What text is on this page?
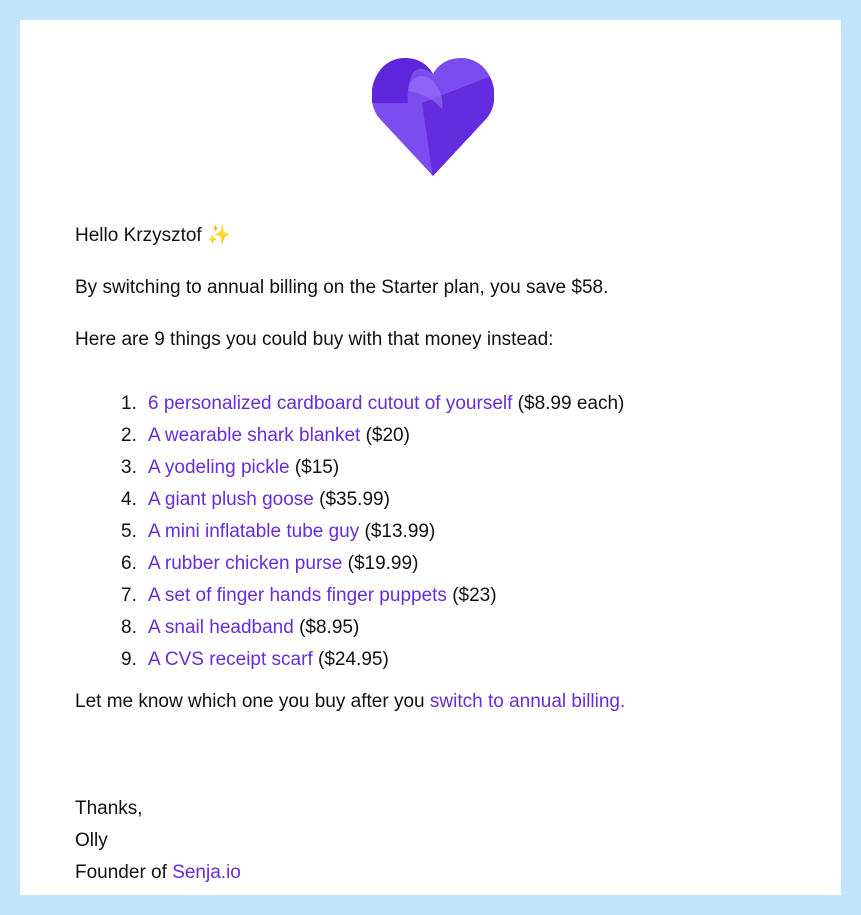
Hello Krzysztof ✨
By switching to annual billing on the Starter plan, you save $58.
Here are 9 things you could buy with that money instead:
1. 6 personalized cardboard cutout of yourself ($8.99 each)
2. A wearable shark blanket ($20)
3. A yodeling pickle ($15)
4. A giant plush goose ($35.99)
5. A mini inflatable tube guy ($13.99)
6. A rubber chicken purse ($19.99)
7. A set of finger hands finger puppets ($23)
8. A snail headband ($8.95)
9. A CVS receipt scarf ($24.95)
Let me know which one you buy after you switch to annual billing.
Thanks,
Olly
Founder of Senja.io
